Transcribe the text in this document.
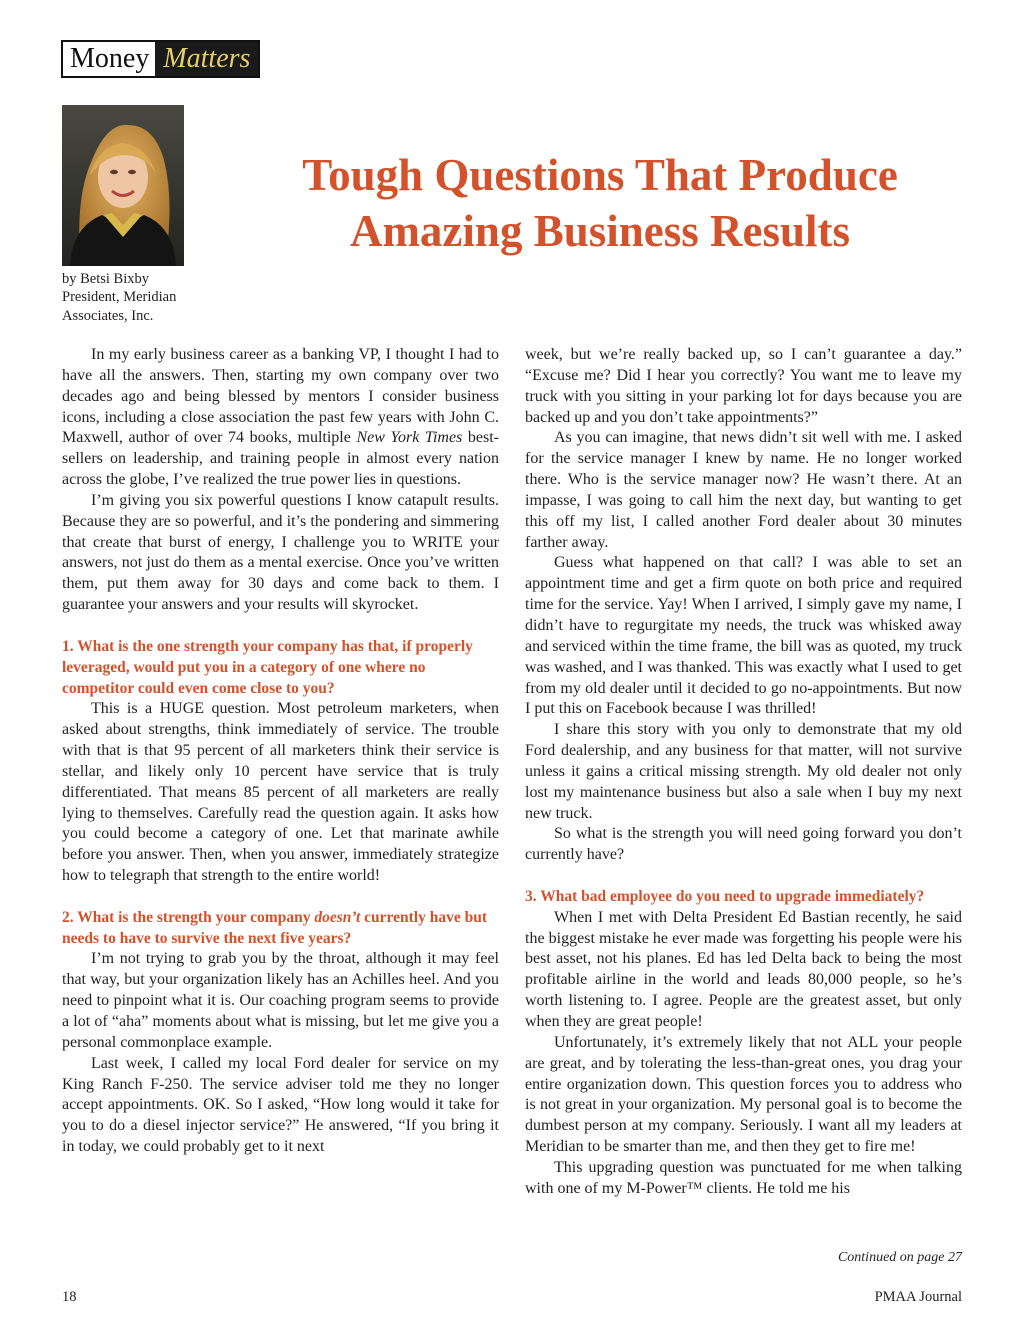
Money Matters
by Betsi Bixby
President, Meridian
Associates, Inc.
Tough Questions That Produce
Amazing Business Results

In my early business career as a banking VP, I thought I had to have all the answers. Then, starting my own company over two decades ago and being blessed by mentors I consider business icons, including a close association the past few years with John C. Maxwell, author of over 74 books, multiple New York Times best-sellers on leadership, and training people in almost every nation across the globe, I’ve realized the true power lies in questions.

I’m giving you six powerful questions I know catapult results. Because they are so powerful, and it’s the pondering and simmering that create that burst of energy, I challenge you to WRITE your answers, not just do them as a mental exercise. Once you’ve written them, put them away for 30 days and come back to them. I guarantee your answers and your results will skyrocket.

1. What is the one strength your company has that, if properly leveraged, would put you in a category of one where no competitor could even come close to you?

This is a HUGE question. Most petroleum marketers, when asked about strengths, think immediately of service. The trouble with that is that 95 percent of all marketers think their service is stellar, and likely only 10 percent have service that is truly differentiated. That means 85 percent of all marketers are really lying to themselves. Carefully read the question again. It asks how you could become a category of one. Let that marinate awhile before you answer. Then, when you answer, immediately strategize how to telegraph that strength to the entire world!

2. What is the strength your company doesn’t currently have but needs to have to survive the next five years?

I’m not trying to grab you by the throat, although it may feel that way, but your organization likely has an Achilles heel. And you need to pinpoint what it is. Our coaching program seems to provide a lot of “aha” moments about what is missing, but let me give you a personal commonplace example.

Last week, I called my local Ford dealer for service on my King Ranch F-250. The service adviser told me they no longer accept appointments. OK. So I asked, “How long would it take for you to do a diesel injector service?” He answered, “If you bring it in today, we could probably get to it next

week, but we’re really backed up, so I can’t guarantee a day.” “Excuse me? Did I hear you correctly? You want me to leave my truck with you sitting in your parking lot for days because you are backed up and you don’t take appointments?”

As you can imagine, that news didn’t sit well with me. I asked for the service manager I knew by name. He no longer worked there. Who is the service manager now? He wasn’t there. At an impasse, I was going to call him the next day, but wanting to get this off my list, I called another Ford dealer about 30 minutes farther away.

Guess what happened on that call? I was able to set an appointment time and get a firm quote on both price and required time for the service. Yay! When I arrived, I simply gave my name, I didn’t have to regurgitate my needs, the truck was whisked away and serviced within the time frame, the bill was as quoted, my truck was washed, and I was thanked. This was exactly what I used to get from my old dealer until it decided to go no-appointments. But now I put this on Facebook because I was thrilled!

I share this story with you only to demonstrate that my old Ford dealership, and any business for that matter, will not survive unless it gains a critical missing strength. My old dealer not only lost my maintenance business but also a sale when I buy my next new truck.

So what is the strength you will need going forward you don’t currently have?

3. What bad employee do you need to upgrade immediately?

When I met with Delta President Ed Bastian recently, he said the biggest mistake he ever made was forgetting his people were his best asset, not his planes. Ed has led Delta back to being the most profitable airline in the world and leads 80,000 people, so he’s worth listening to. I agree. People are the greatest asset, but only when they are great people!

Unfortunately, it’s extremely likely that not ALL your people are great, and by tolerating the less-than-great ones, you drag your entire organization down. This question forces you to address who is not great in your organization. My personal goal is to become the dumbest person at my company. Seriously. I want all my leaders at Meridian to be smarter than me, and then they get to fire me!

This upgrading question was punctuated for me when talking with one of my M-Power™ clients. He told me his

Continued on page 27
18	PMAA Journal
